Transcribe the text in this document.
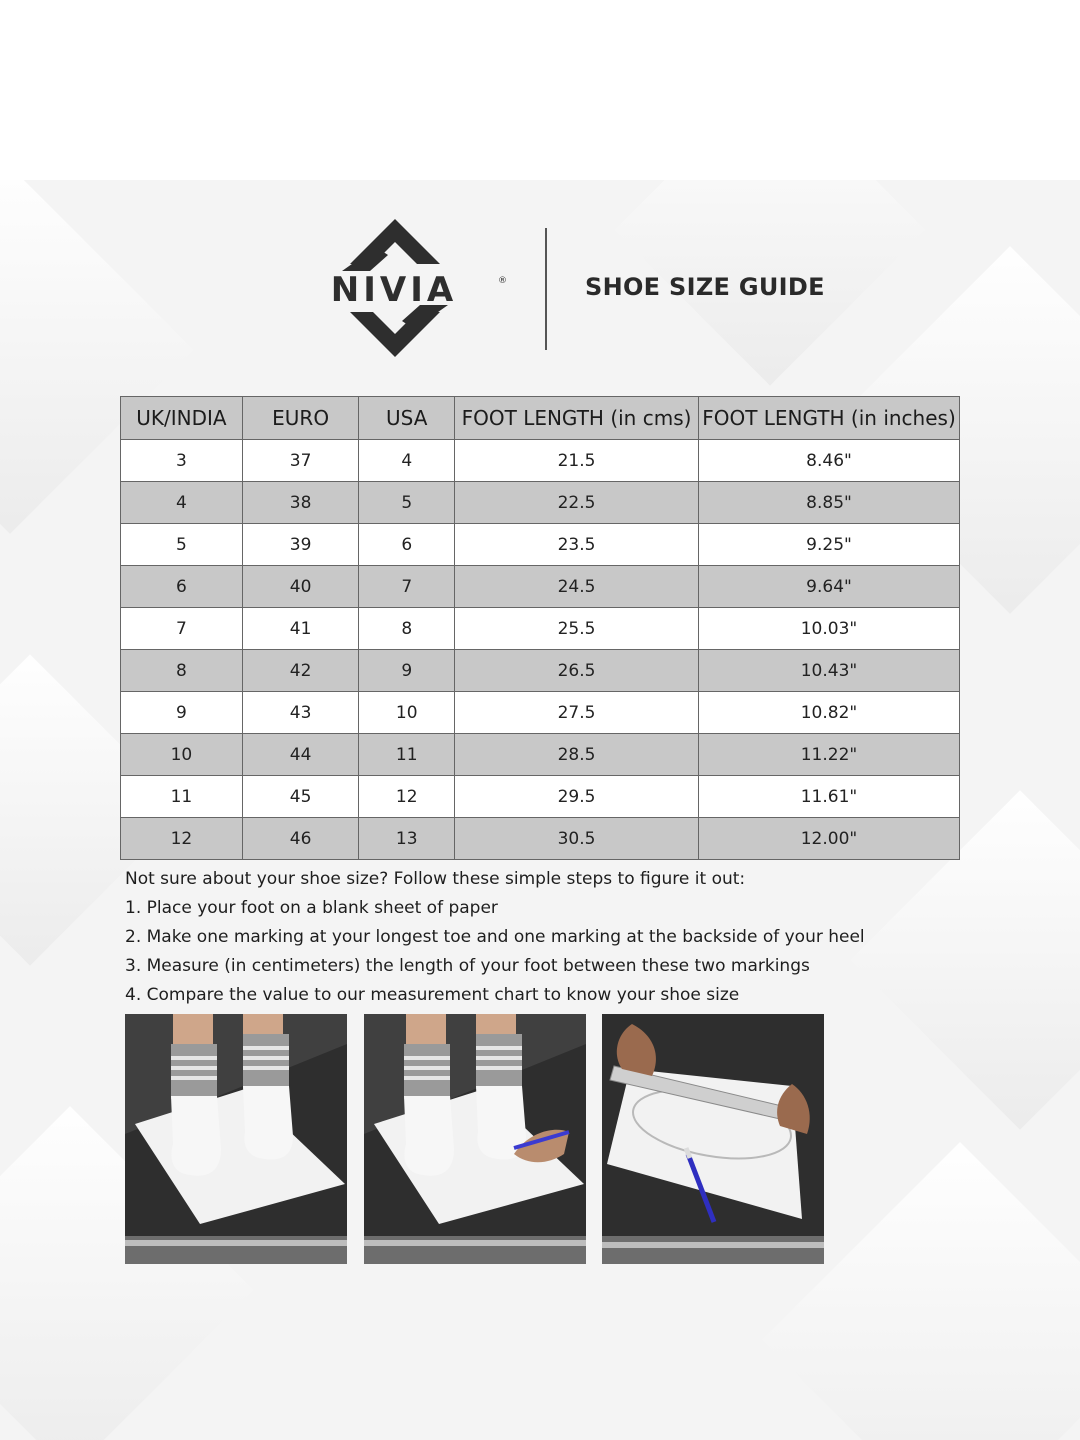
NIVIA	®	SHOE SIZE GUIDE
UK/INDIA	EURO	USA	FOOT LENGTH (in cms)	FOOT LENGTH (in inches)
3	37	4	21.5	8.46"
4	38	5	22.5	8.85"
5	39	6	23.5	9.25"
6	40	7	24.5	9.64"
7	41	8	25.5	10.03"
8	42	9	26.5	10.43"
9	43	10	27.5	10.82"
10	44	11	28.5	11.22"
11	45	12	29.5	11.61"
12	46	13	30.5	12.00"
Not sure about your shoe size? Follow these simple steps to figure it out:
1. Place your foot on a blank sheet of paper
2. Make one marking at your longest toe and one marking at the backside of your heel
3. Measure (in centimeters) the length of your foot between these two markings
4. Compare the value to our measurement chart to know your shoe size
